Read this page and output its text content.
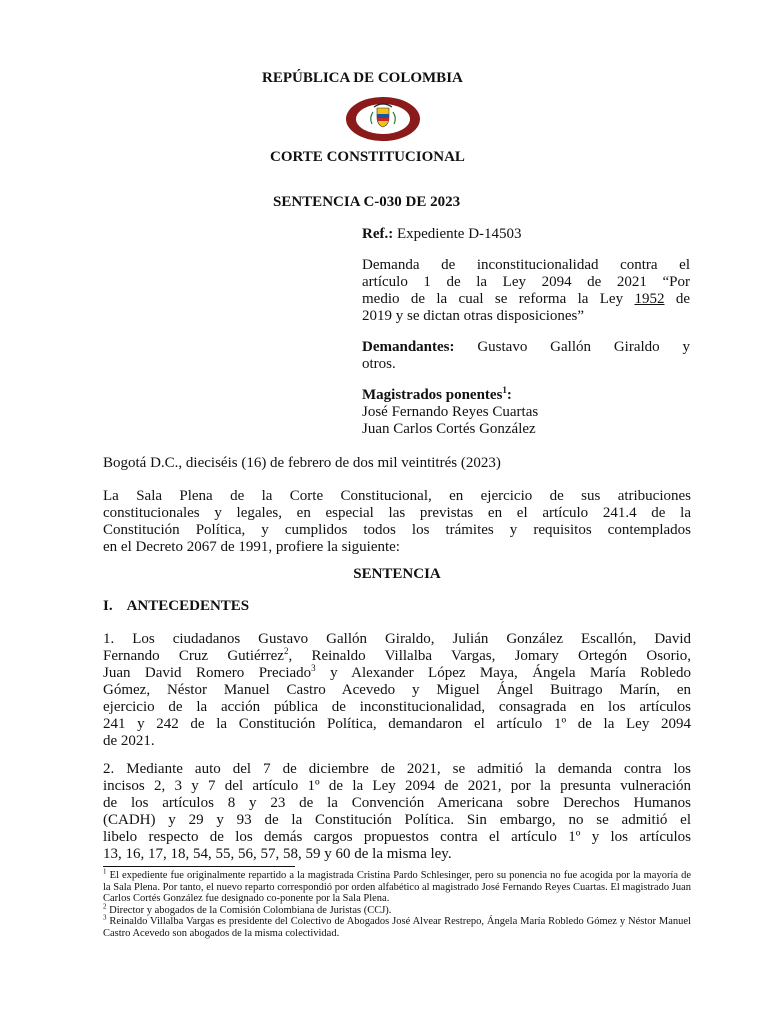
REPÚBLICA DE COLOMBIA
CORTE CONSTITUCIONAL
SENTENCIA C-030 DE 2023
Ref.: Expediente D-14503
Demanda de inconstitucionalidad contra el
artículo 1 de la Ley 2094 de 2021 “Por
medio de la cual se reforma la Ley 1952 de
2019 y se dictan otras disposiciones”
Demandantes: Gustavo Gallón Giraldo y
otros.
Magistrados ponentes$^1$:
José Fernando Reyes Cuartas
Juan Carlos Cortés González
Bogotá D.C., dieciséis (16) de febrero de dos mil veintitrés (2023)
La Sala Plena de la Corte Constitucional, en ejercicio de sus atribuciones
constitucionales y legales, en especial las previstas en el artículo 241.4 de la
Constitución Política, y cumplidos todos los trámites y requisitos contemplados
en el Decreto 2067 de 1991, profiere la siguiente:
SENTENCIA
I. ANTECEDENTES
1. Los ciudadanos Gustavo Gallón Giraldo, Julián González Escallón, David
Fernando Cruz Gutiérrez$^2$, Reinaldo Villalba Vargas, Jomary Ortegón Osorio,
Juan David Romero Preciado$^3$ y Alexander López Maya, Ángela María Robledo
Gómez, Néstor Manuel Castro Acevedo y Miguel Ángel Buitrago Marín, en
ejercicio de la acción pública de inconstitucionalidad, consagrada en los artículos
241 y 242 de la Constitución Política, demandaron el artículo 1º de la Ley 2094
de 2021.
2. Mediante auto del 7 de diciembre de 2021, se admitió la demanda contra los
incisos 2, 3 y 7 del artículo 1º de la Ley 2094 de 2021, por la presunta vulneración
de los artículos 8 y 23 de la Convención Americana sobre Derechos Humanos
(CADH) y 29 y 93 de la Constitución Política. Sin embargo, no se admitió el
libelo respecto de los demás cargos propuestos contra el artículo 1º y los artículos
13, 16, 17, 18, 54, 55, 56, 57, 58, 59 y 60 de la misma ley.
$^1$ El expediente fue originalmente repartido a la magistrada Cristina Pardo Schlesinger, pero su ponencia no fue acogida por la mayoría de la Sala Plena. Por tanto, el nuevo reparto correspondió por orden alfabético al magistrado José Fernando Reyes Cuartas. El magistrado Juan Carlos Cortés González fue designado co-ponente por la Sala Plena.
$^2$ Director y abogados de la Comisión Colombiana de Juristas (CCJ).
$^3$ Reinaldo Villalba Vargas es presidente del Colectivo de Abogados José Alvear Restrepo, Ángela María Robledo Gómez y Néstor Manuel Castro Acevedo son abogados de la misma colectividad.
